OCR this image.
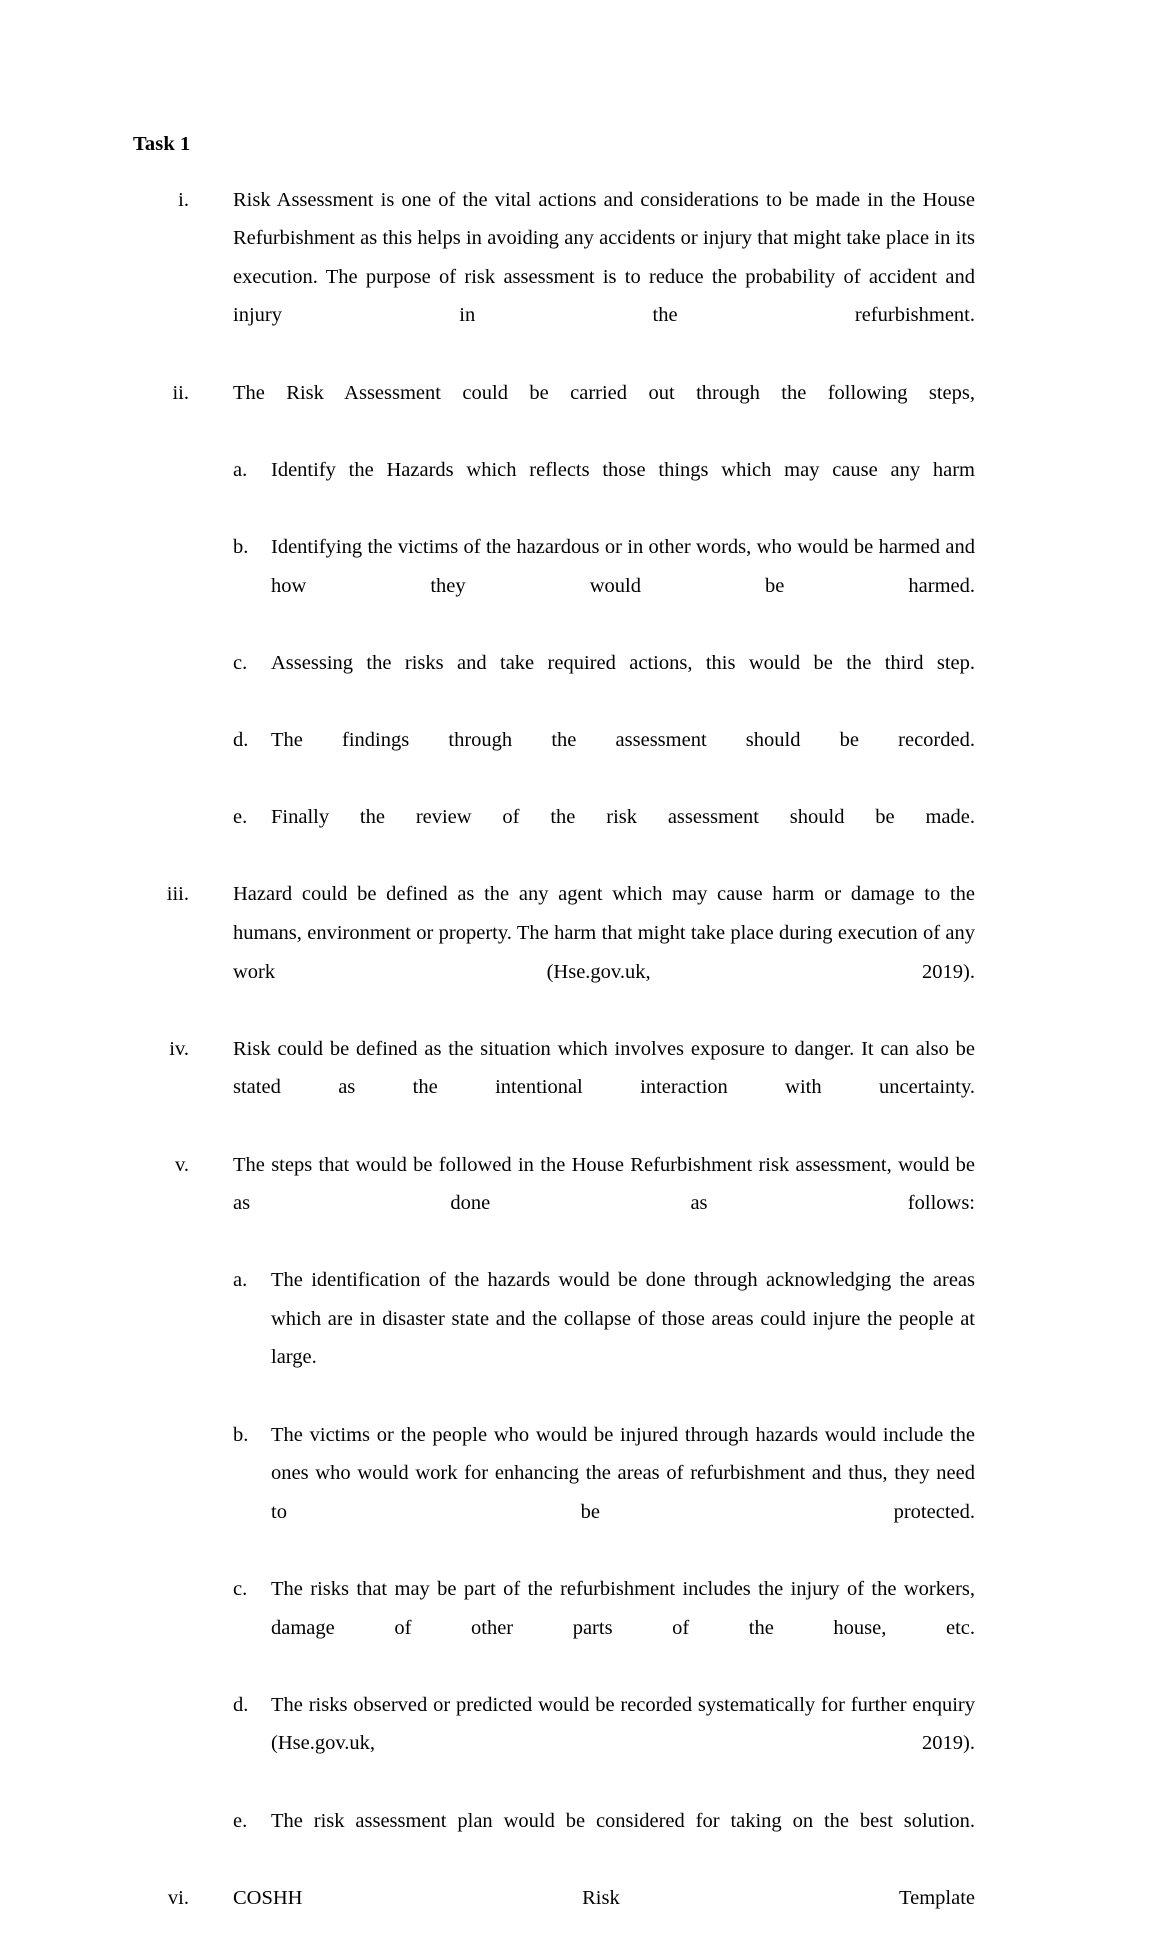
Task 1
i. Risk Assessment is one of the vital actions and considerations to be made in the House Refurbishment as this helps in avoiding any accidents or injury that might take place in its execution. The purpose of risk assessment is to reduce the probability of accident and injury in the refurbishment.

ii. The Risk Assessment could be carried out through the following steps,

a.	Identify the Hazards which reflects those things which may cause any harm

b.	Identifying the victims of the hazardous or in other words, who would be harmed and how they would be harmed.

c.	Assessing the risks and take required actions, this would be the third step.

d.	The findings through the assessment should be recorded.

e.	Finally the review of the risk assessment should be made.

iii. Hazard could be defined as the any agent which may cause harm or damage to the humans, environment or property. The harm that might take place during execution of any work (Hse.gov.uk, 2019).

iv. Risk could be defined as the situation which involves exposure to danger. It can also be stated as the intentional interaction with uncertainty.

v. The steps that would be followed in the House Refurbishment risk assessment, would be as done as follows:

a.	The identification of the hazards would be done through acknowledging the areas which are in disaster state and the collapse of those areas could injure the people at large.

b.	The victims or the people who would be injured through hazards would include the ones who would work for enhancing the areas of refurbishment and thus, they need to be protected.

c.	The risks that may be part of the refurbishment includes the injury of the workers, damage of other parts of the house, etc.

d.	The risks observed or predicted would be recorded systematically for further enquiry (Hse.gov.uk, 2019).

e.	The risk assessment plan would be considered for taking on the best solution.

vi. COSHH Risk Template
